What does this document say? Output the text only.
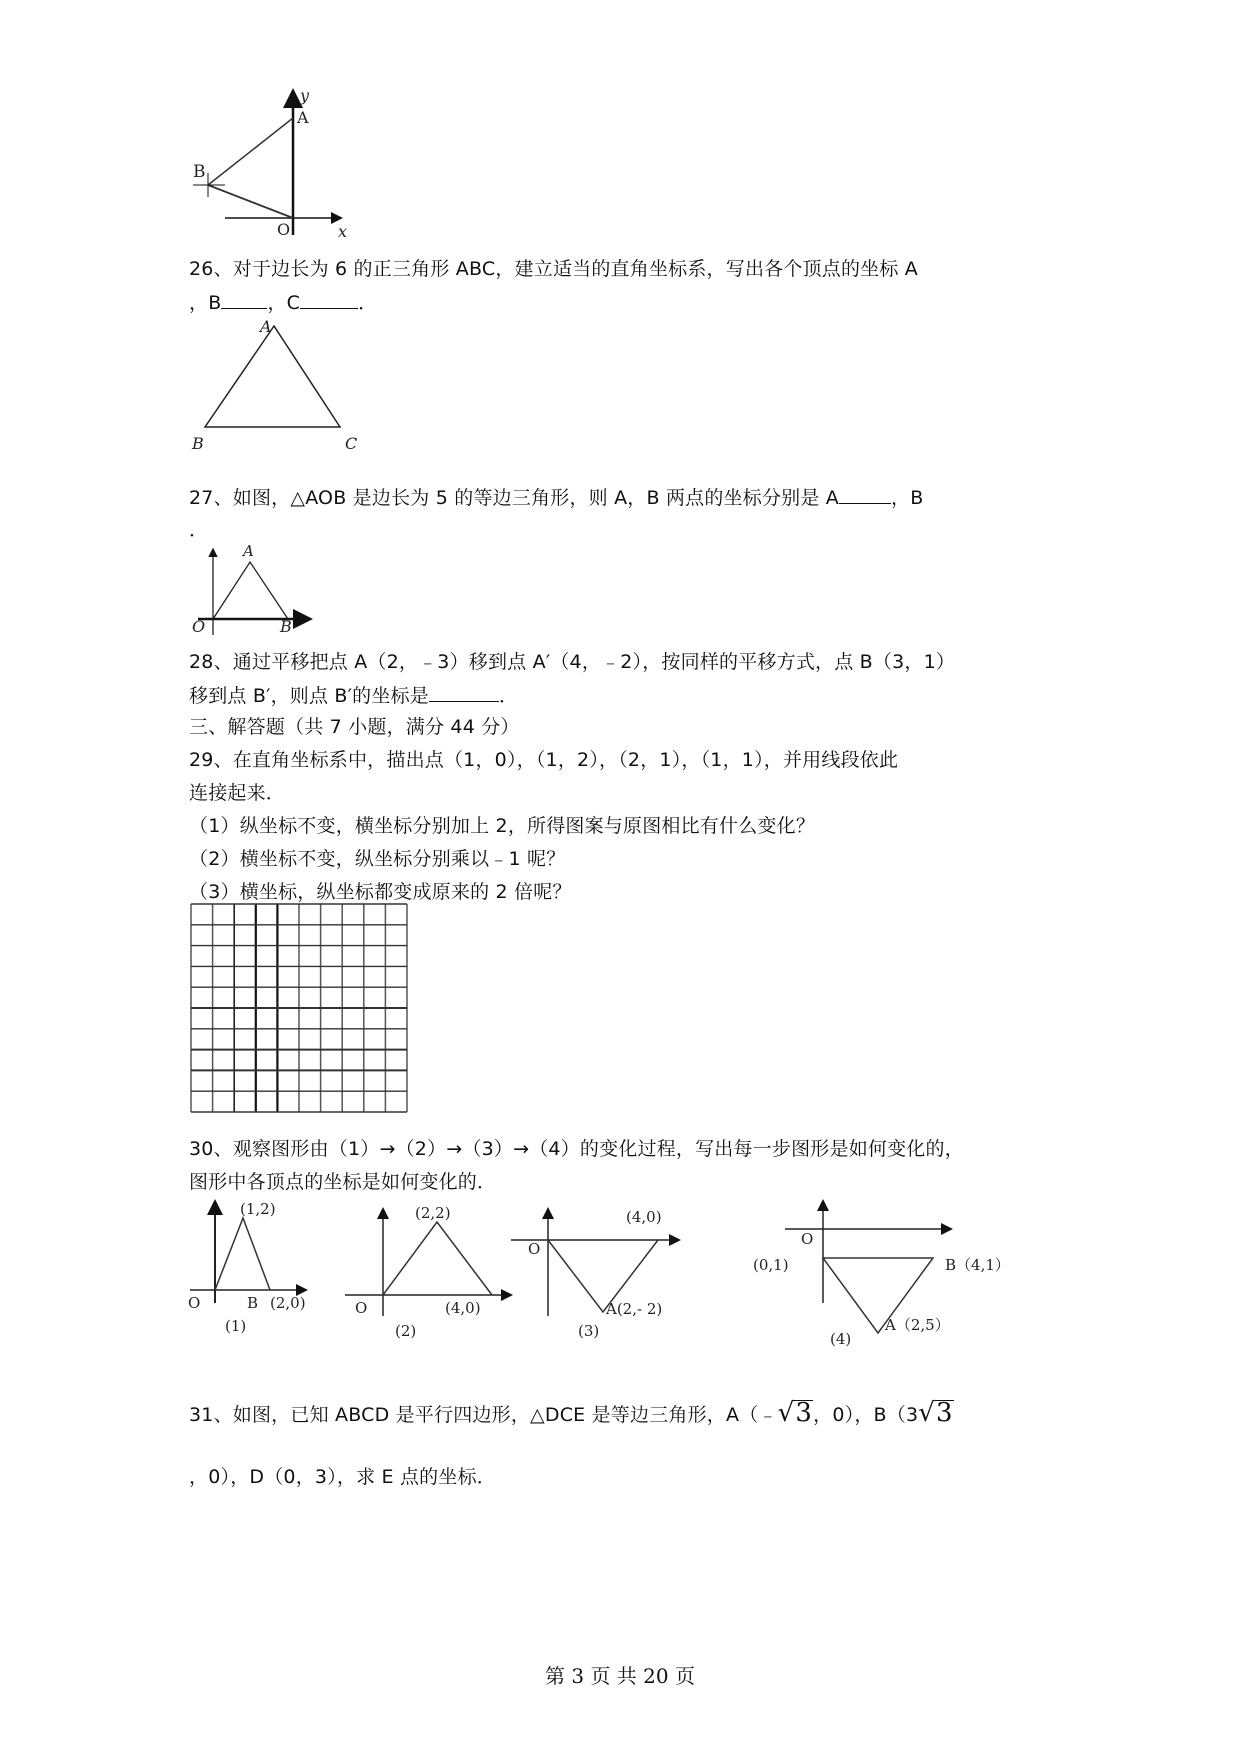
y
A
B
O	x
26、对于边长为 6 的正三角形 ABC，建立适当的直角坐标系，写出各个顶点的坐标 A
，B ，C	．
A
B	C
27、如图，△AOB 是边长为 5 的等边三角形，则 A，B 两点的坐标分别是 A	，B
．
A
O	B
28、通过平移把点 A（2，﹣3）移到点 A′（4，﹣2），按同样的平移方式，点 B（3，1）
移到点 B′，则点 B′的坐标是	．
三、解答题（共 7 小题，满分 44 分）
29、在直角坐标系中，描出点（1，0），（1，2），（2，1），（1，1），并用线段依此
连接起来．
（1）纵坐标不变，横坐标分别加上 2，所得图案与原图相比有什么变化？
（2）横坐标不变，纵坐标分别乘以﹣1 呢？
（3）横坐标，纵坐标都变成原来的 2 倍呢？
30、观察图形由（1）→（2）→（3）→（4）的变化过程，写出每一步图形是如何变化的，
图形中各顶点的坐标是如何变化的．
(1,2)
O	B (2,0)
(1)
(2,2)
O	(4,0)
(2)
(4,0)
O
A(2,- 2)
(3)
O
(0,1)	B（4,1）
A（2,5）
(4)
31、如图，已知 ABCD 是平行四边形，△DCE 是等边三角形，A（﹣√3，0），B（3√3
，0），D（0，3），求 E 点的坐标．
第 3 页 共 20 页
